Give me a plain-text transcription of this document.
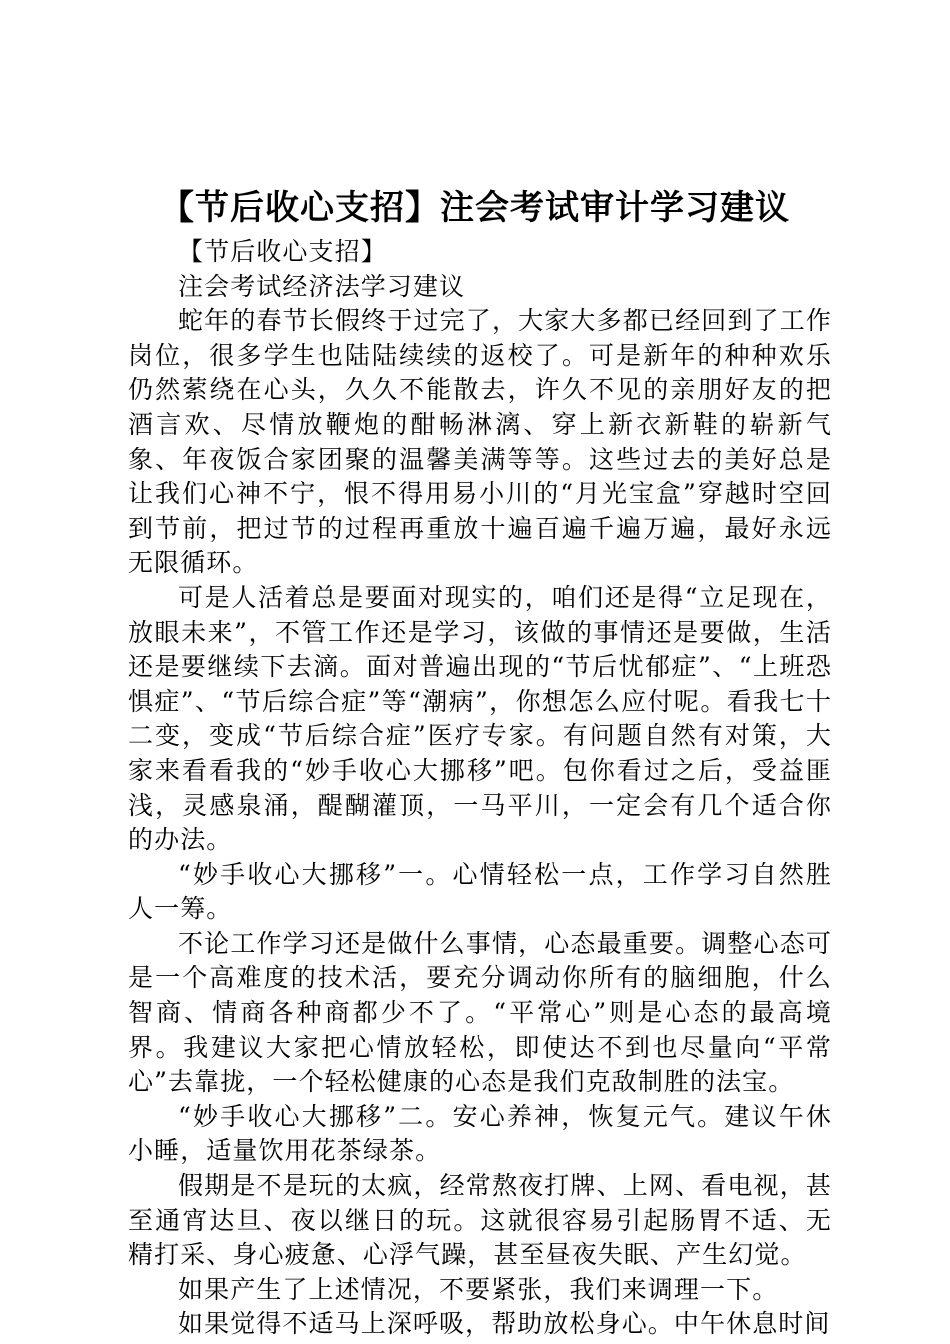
【节后收心支招】注会考试审计学习建议

【节后收心支招】

注会考试经济法学习建议

蛇年的春节长假终于过完了，大家大多都已经回到了工作岗位，很多学生也陆陆续续的返校了。可是新年的种种欢乐仍然萦绕在心头，久久不能散去，许久不见的亲朋好友的把酒言欢、尽情放鞭炮的酣畅淋漓、穿上新衣新鞋的崭新气象、年夜饭合家团聚的温馨美满等等。这些过去的美好总是让我们心神不宁，恨不得用易小川的“月光宝盒”穿越时空回到节前，把过节的过程再重放十遍百遍千遍万遍，最好永远无限循环。

可是人活着总是要面对现实的，咱们还是得“立足现在，放眼未来”，不管工作还是学习，该做的事情还是要做，生活还是要继续下去滴。面对普遍出现的“节后忧郁症”、“上班恐惧症”、“节后综合症”等“潮病”，你想怎么应付呢。看我七十二变，变成“节后综合症”医疗专家。有问题自然有对策，大家来看看我的“妙手收心大挪移”吧。包你看过之后，受益匪浅，灵感泉涌，醍醐灌顶，一马平川，一定会有几个适合你的办法。

“妙手收心大挪移”一。心情轻松一点，工作学习自然胜人一筹。

不论工作学习还是做什么事情，心态最重要。调整心态可是一个高难度的技术活，要充分调动你所有的脑细胞，什么智商、情商各种商都少不了。“平常心”则是心态的最高境界。我建议大家把心情放轻松，即使达不到也尽量向“平常心”去靠拢，一个轻松健康的心态是我们克敌制胜的法宝。

“妙手收心大挪移”二。安心养神，恢复元气。建议午休小睡，适量饮用花茶绿茶。

假期是不是玩的太疯，经常熬夜打牌、上网、看电视，甚至通宵达旦、夜以继日的玩。这就很容易引起肠胃不适、无精打采、身心疲惫、心浮气躁，甚至昼夜失眠、产生幻觉。

如果产生了上述情况，不要紧张，我们来调理一下。

如果觉得不适马上深呼吸，帮助放松身心。中午休息时间
